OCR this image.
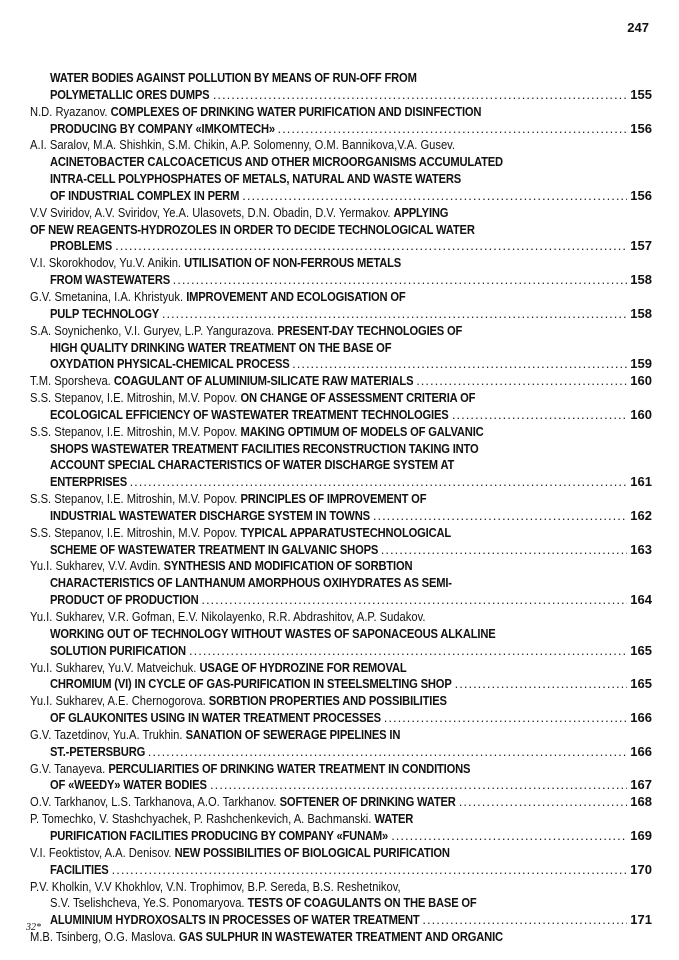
247
WATER BODIES AGAINST POLLUTION BY MEANS OF RUN-OFF FROM
POLYMETALLIC ORES DUMPS .....	155
N.D. Ryazanov. COMPLEXES OF DRINKING WATER PURIFICATION AND DISINFECTION
PRODUCING BY COMPANY «IMKOMTECH» .....	156
A.I. Saralov, M.A. Shishkin, S.M. Chikin, A.P. Solomenny, O.M. Bannikova,V.A. Gusev.
ACINETOBACTER CALCOACETICUS AND OTHER MICROORGANISMS ACCUMULATED
INTRA-CELL POLYPHOSPHATES OF METALS, NATURAL AND WASTE WATERS
OF INDUSTRIAL COMPLEX IN PERM .....	156
V.V Sviridov, A.V. Sviridov, Ye.A. Ulasovets, D.N. Obadin, D.V. Yermakov. APPLYING
OF NEW REAGENTS-HYDROZOLES IN ORDER TO DECIDE TECHNOLOGICAL WATER
PROBLEMS .....	157
V.I. Skorokhodov, Yu.V. Anikin. UTILISATION OF NON-FERROUS METALS
FROM WASTEWATERS .....	158
G.V. Smetanina, I.A. Khristyuk. IMPROVEMENT AND ECOLOGISATION OF
PULP TECHNOLOGY .....	158
S.A. Soynichenko, V.I. Guryev, L.P. Yangurazova. PRESENT-DAY TECHNOLOGIES OF
HIGH QUALITY DRINKING WATER TREATMENT ON THE BASE OF
OXYDATION PHYSICAL-CHEMICAL PROCESS .....	159
T.M. Sporsheva. COAGULANT OF ALUMINIUM-SILICATE RAW MATERIALS .....	160
S.S. Stepanov, I.E. Mitroshin, M.V. Popov. ON CHANGE OF ASSESSMENT CRITERIA OF
ECOLOGICAL EFFICIENCY OF WASTEWATER TREATMENT TECHNOLOGIES .....	160
S.S. Stepanov, I.E. Mitroshin, M.V. Popov. MAKING OPTIMUM OF MODELS OF GALVANIC
SHOPS WASTEWATER TREATMENT FACILITIES RECONSTRUCTION TAKING INTO
ACCOUNT SPECIAL CHARACTERISTICS OF WATER DISCHARGE SYSTEM AT
ENTERPRISES .....	161
S.S. Stepanov, I.E. Mitroshin, M.V. Popov. PRINCIPLES OF IMPROVEMENT OF
INDUSTRIAL WASTEWATER DISCHARGE SYSTEM IN TOWNS .....	162
S.S. Stepanov, I.E. Mitroshin, M.V. Popov. TYPICAL APPARATUSTECHNOLOGICAL
SCHEME OF WASTEWATER TREATMENT IN GALVANIC SHOPS .....	163
Yu.I. Sukharev, V.V. Avdin. SYNTHESIS AND MODIFICATION OF SORBTION
CHARACTERISTICS OF LANTHANUM AMORPHOUS OXIHYDRATES AS SEMI-
PRODUCT OF PRODUCTION .....	164
Yu.I. Sukharev, V.R. Gofman, E.V. Nikolayenko, R.R. Abdrashitov, A.P. Sudakov.
WORKING OUT OF TECHNOLOGY WITHOUT WASTES OF SAPONACEOUS ALKALINE
SOLUTION PURIFICATION .....	165
Yu.I. Sukharev, Yu.V. Matveichuk. USAGE OF HYDROZINE FOR REMOVAL
CHROMIUM (VI) IN CYCLE OF GAS-PURIFICATION IN STEELSMELTING SHOP .....	165
Yu.I. Sukharev, A.E. Chernogorova. SORBTION PROPERTIES AND POSSIBILITIES
OF GLAUKONITES USING IN WATER TREATMENT PROCESSES .....	166
G.V. Tazetdinov, Yu.A. Trukhin. SANATION OF SEWERAGE PIPELINES IN
ST.-PETERSBURG .....	166
G.V. Tanayeva. PERCULIARITIES OF DRINKING WATER TREATMENT IN CONDITIONS
OF «WEEDY» WATER BODIES .....	167
O.V. Tarkhanov, L.S. Tarkhanova, A.O. Tarkhanov. SOFTENER OF DRINKING WATER .....	168
P. Tomechko, V. Stashchyachek, P. Rashchenkevich, A. Bachmanski. WATER
PURIFICATION FACILITIES PRODUCING BY COMPANY «FUNAM» .....	169
V.I. Feoktistov, A.A. Denisov. NEW POSSIBILITIES OF BIOLOGICAL PURIFICATION
FACILITIES .....	170
P.V. Kholkin, V.V Khokhlov, V.N. Trophimov, B.P. Sereda, B.S. Reshetnikov,
S.V. Tselishcheva, Ye.S. Ponomaryova. TESTS OF COAGULANTS ON THE BASE OF
ALUMINIUM HYDROXOSALTS IN PROCESSES OF WATER TREATMENT .....	171
M.B. Tsinberg, O.G. Maslova. GAS SULPHUR IN WASTEWATER TREATMENT AND ORGANIC
32*
